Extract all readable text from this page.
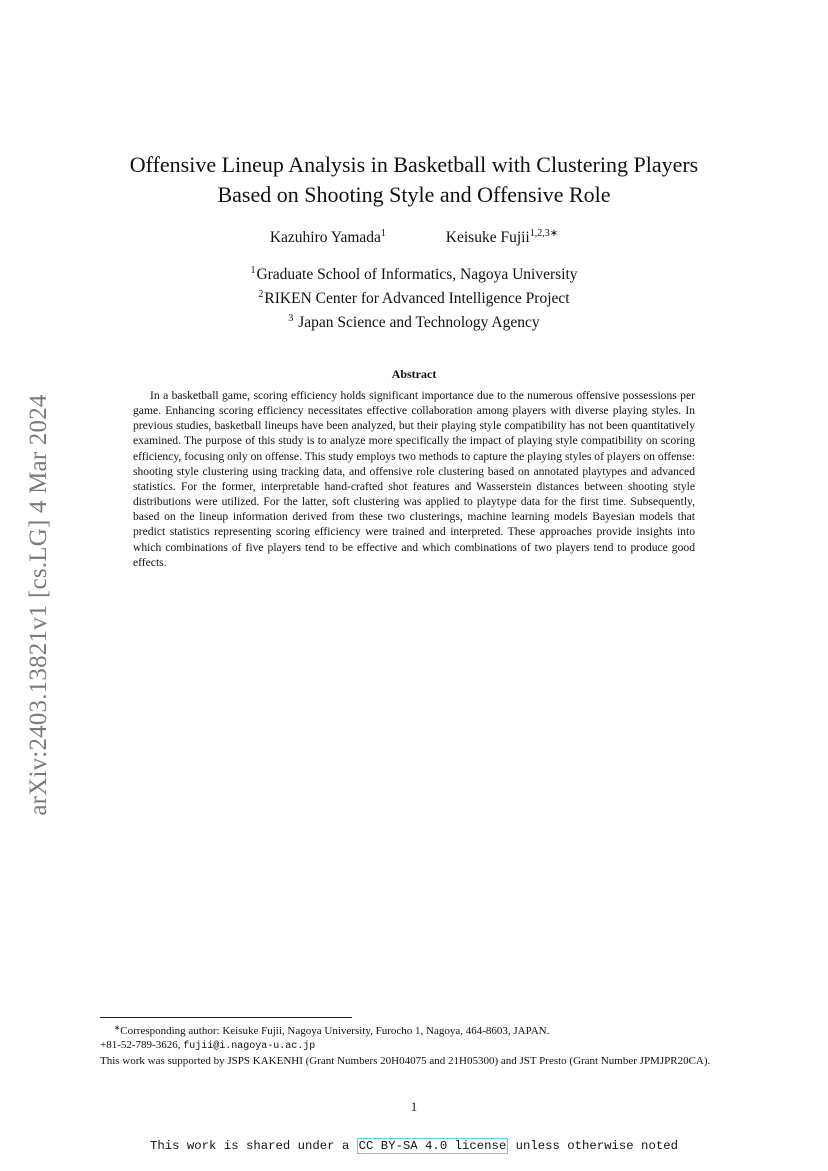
arXiv:2403.13821v1 [cs.LG] 4 Mar 2024
Offensive Lineup Analysis in Basketball with Clustering Players
Based on Shooting Style and Offensive Role
Kazuhiro Yamada$^1$	Keisuke Fujii$^{1,2,3∗}$
$^1$Graduate School of Informatics, Nagoya University
$^2$RIKEN Center for Advanced Intelligence Project
$^3$ Japan Science and Technology Agency
Abstract
In a basketball game, scoring efficiency holds significant importance due to the numerous offensive possessions per game. Enhancing scoring efficiency necessitates effective collaboration among players with diverse playing styles. In previous studies, basketball lineups have been analyzed, but their playing style compatibility has not been quantitatively examined. The purpose of this study is to analyze more specifically the impact of playing style compatibility on scoring efficiency, focusing only on offense. This study employs two methods to capture the playing styles of players on offense: shooting style clustering using tracking data, and offensive role clustering based on annotated playtypes and advanced statistics. For the former, interpretable hand-crafted shot features and Wasserstein distances between shooting style distributions were utilized. For the latter, soft clustering was applied to playtype data for the first time. Subsequently, based on the lineup information derived from these two clusterings, machine learning models Bayesian models that predict statistics representing scoring efficiency were trained and interpreted. These approaches provide insights into which combinations of five players tend to be effective and which combinations of two players tend to produce good effects.
∗Corresponding author: Keisuke Fujii, Nagoya University, Furocho 1, Nagoya, 464-8603, JAPAN.
+81-52-789-3626, fujii@i.nagoya-u.ac.jp
This work was supported by JSPS KAKENHI (Grant Numbers 20H04075 and 21H05300) and JST Presto (Grant Number JPMJPR20CA).
1
This work is shared under a CC BY-SA 4.0 license unless otherwise noted
